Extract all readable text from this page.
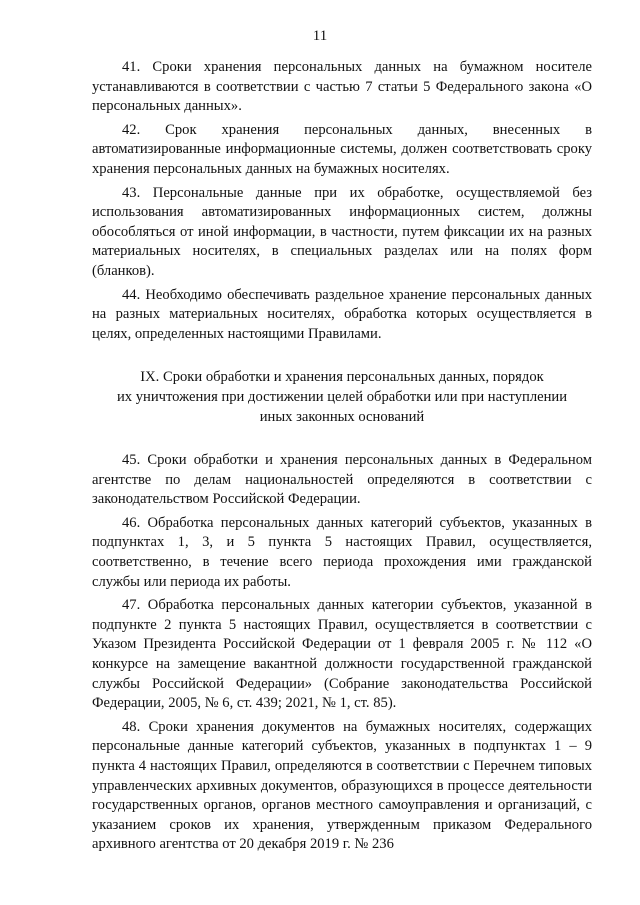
11

41. Сроки хранения персональных данных на бумажном носителе устанавливаются в соответствии с частью 7 статьи 5 Федерального закона «О персональных данных».

42. Срок хранения персональных данных, внесенных в автоматизированные информационные системы, должен соответствовать сроку хранения персональных данных на бумажных носителях.

43. Персональные данные при их обработке, осуществляемой без использования автоматизированных информационных систем, должны обособляться от иной информации, в частности, путем фиксации их на разных материальных носителях, в специальных разделах или на полях форм (бланков).

44. Необходимо обеспечивать раздельное хранение персональных данных на разных материальных носителях, обработка которых осуществляется в целях, определенных настоящими Правилами.

IX. Сроки обработки и хранения персональных данных, порядок
их уничтожения при достижении целей обработки или при наступлении
иных законных оснований

45. Сроки обработки и хранения персональных данных в Федеральном агентстве по делам национальностей определяются в соответствии с законодательством Российской Федерации.

46. Обработка персональных данных категорий субъектов, указанных в подпунктах 1, 3, и 5 пункта 5 настоящих Правил, осуществляется, соответственно, в течение всего периода прохождения ими гражданской службы или периода их работы.

47. Обработка персональных данных категории субъектов, указанной в подпункте 2 пункта 5 настоящих Правил, осуществляется в соответствии с Указом Президента Российской Федерации от 1 февраля 2005 г. № 112 «О конкурсе на замещение вакантной должности государственной гражданской службы Российской Федерации» (Собрание законодательства Российской Федерации, 2005, № 6, ст. 439; 2021, № 1, ст. 85).

48. Сроки хранения документов на бумажных носителях, содержащих персональные данные категорий субъектов, указанных в подпунктах 1 – 9 пункта 4 настоящих Правил, определяются в соответствии с Перечнем типовых управленческих архивных документов, образующихся в процессе деятельности государственных органов, органов местного самоуправления и организаций, с указанием сроков их хранения, утвержденным приказом Федерального архивного агентства от 20 декабря 2019 г. № 236
